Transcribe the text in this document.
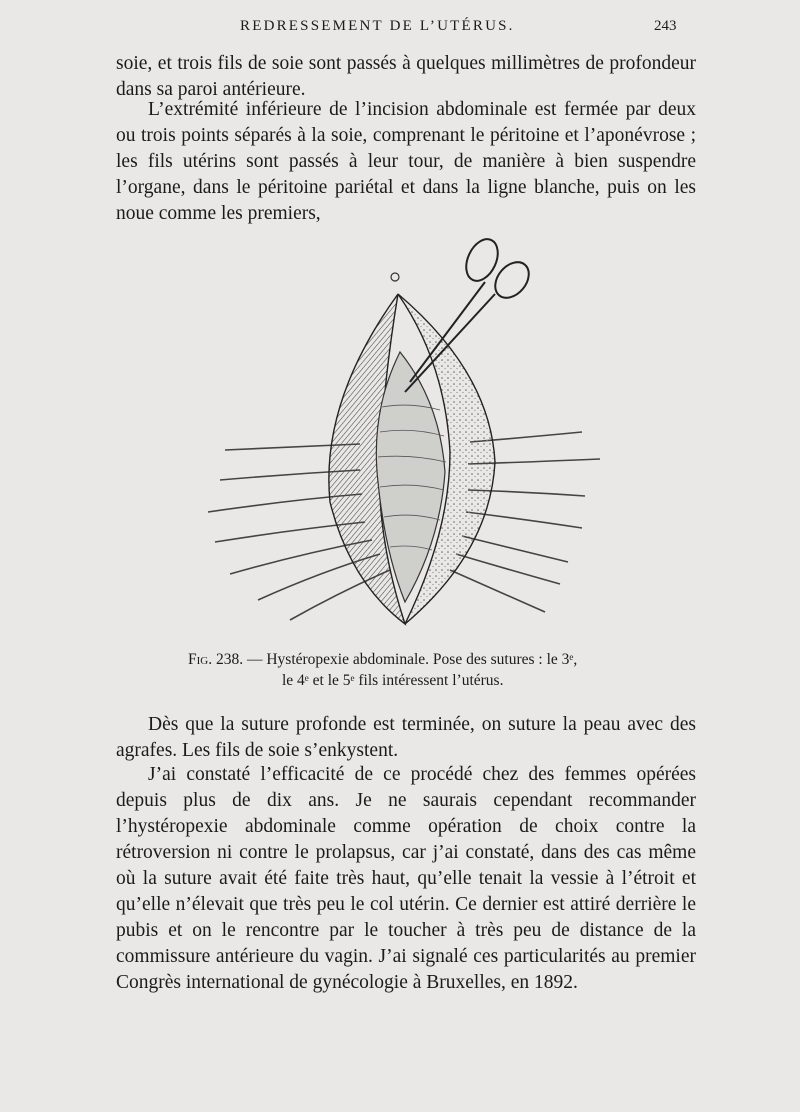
REDRESSEMENT DE L’UTÉRUS.	243

soie, et trois fils de soie sont passés à quelques millimètres de profondeur dans sa paroi antérieure.

L’extrémité inférieure de l’incision abdominale est fermée par deux ou trois points séparés à la soie, comprenant le péritoine et l’aponévrose ; les fils utérins sont passés à leur tour, de manière à bien suspendre l’organe, dans le péritoine pariétal et dans la ligne blanche, puis on les noue comme les premiers,

Fig. 238. — Hystéropexie abdominale. Pose des sutures : le 3ᵉ,
le 4ᵉ et le 5ᵉ fils intéressent l’utérus.

Dès que la suture profonde est terminée, on suture la peau avec des agrafes. Les fils de soie s’enkystent.

J’ai constaté l’efficacité de ce procédé chez des femmes opérées depuis plus de dix ans. Je ne saurais cependant recommander l’hystéropexie abdominale comme opération de choix contre la rétroversion ni contre le prolapsus, car j’ai constaté, dans des cas même où la suture avait été faite très haut, qu’elle tenait la vessie à l’étroit et qu’elle n’élevait que très peu le col utérin. Ce dernier est attiré derrière le pubis et on le rencontre par le toucher à très peu de distance de la commissure antérieure du vagin. J’ai signalé ces particularités au premier Congrès international de gynécologie à Bruxelles, en 1892.
